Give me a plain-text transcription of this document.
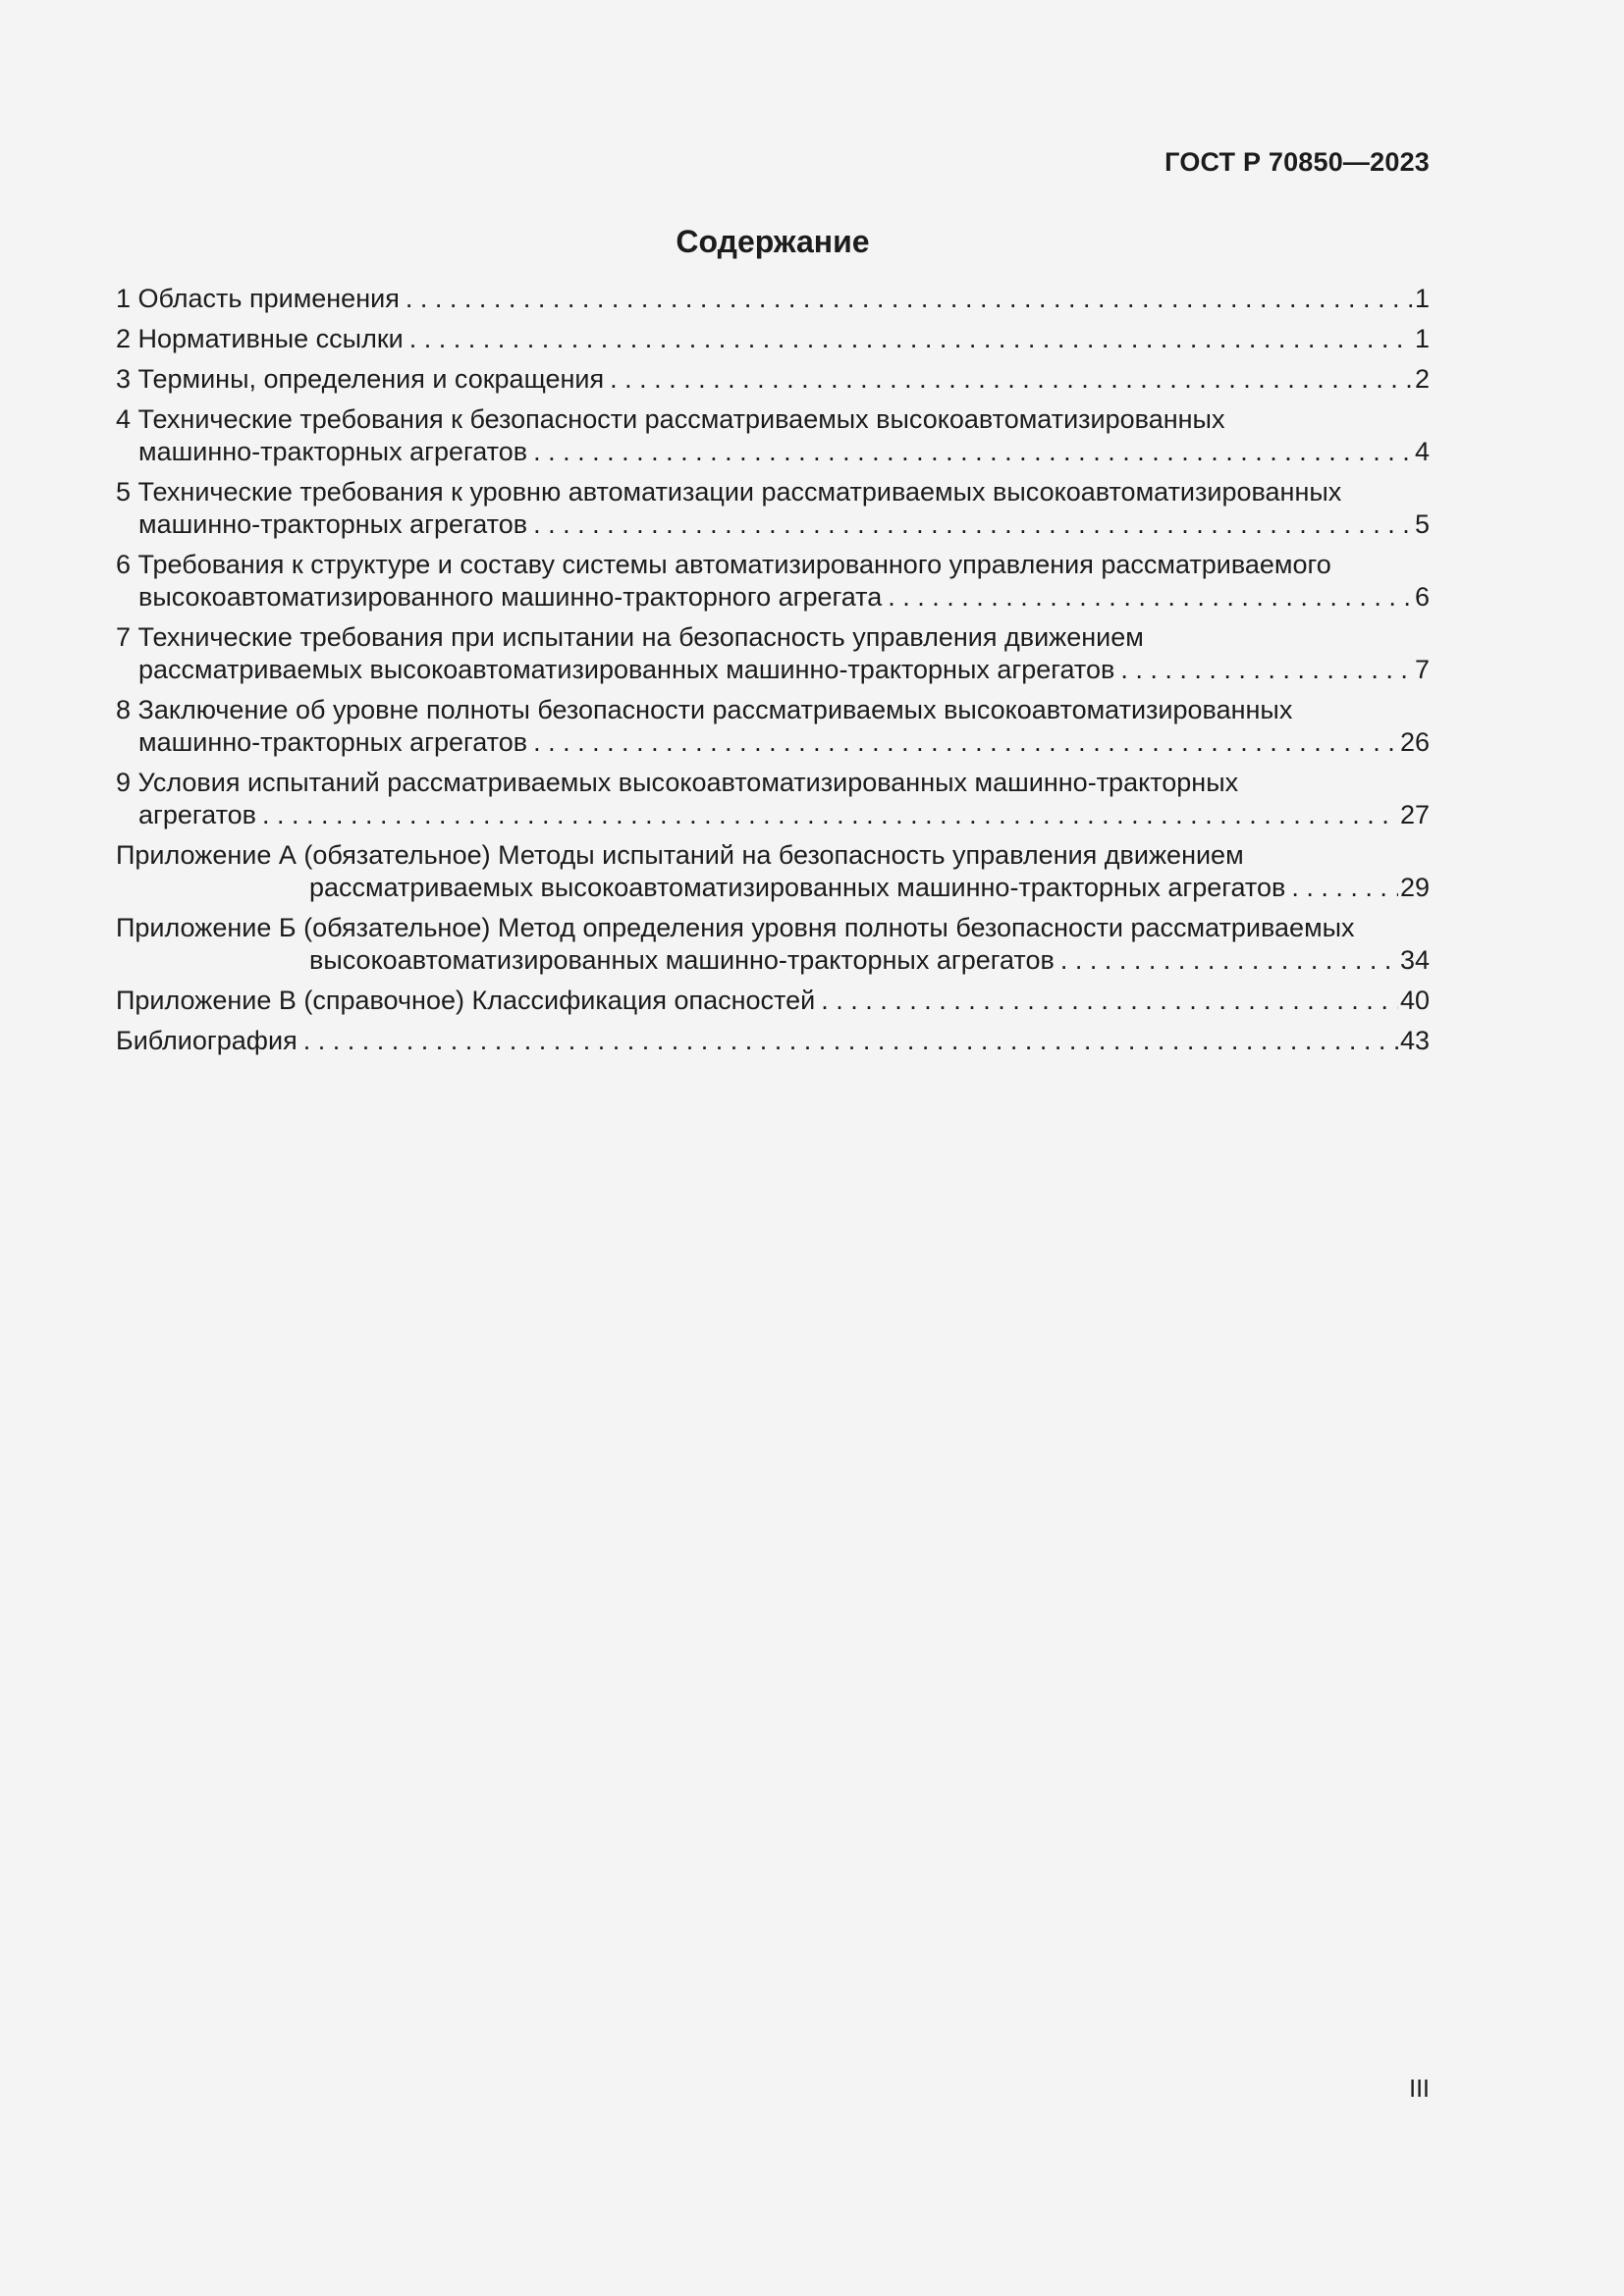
ГОСТ Р 70850—2023
Содержание
1 Область применения . . .	1
2 Нормативные ссылки . . .	1
3 Термины, определения и сокращения . . .	2
4 Технические требования к безопасности рассматриваемых высокоавтоматизированных
машинно-тракторных агрегатов . . .	4
5 Технические требования к уровню автоматизации рассматриваемых высокоавтоматизированных
машинно-тракторных агрегатов . . .	5
6 Требования к структуре и составу системы автоматизированного управления рассматриваемого
высокоавтоматизированного машинно-тракторного агрегата . . .	6
7 Технические требования при испытании на безопасность управления движением
рассматриваемых высокоавтоматизированных машинно-тракторных агрегатов . . .	7
8 Заключение об уровне полноты безопасности рассматриваемых высокоавтоматизированных
машинно-тракторных агрегатов . . .	26
9 Условия испытаний рассматриваемых высокоавтоматизированных машинно-тракторных
агрегатов . . .	27
Приложение А (обязательное) Методы испытаний на безопасность управления движением
рассматриваемых высокоавтоматизированных машинно-тракторных агрегатов . . .	29
Приложение Б (обязательное) Метод определения уровня полноты безопасности рассматриваемых
высокоавтоматизированных машинно-тракторных агрегатов . . .	34
Приложение В (справочное) Классификация опасностей . . .	40
Библиография . . .	43
III
